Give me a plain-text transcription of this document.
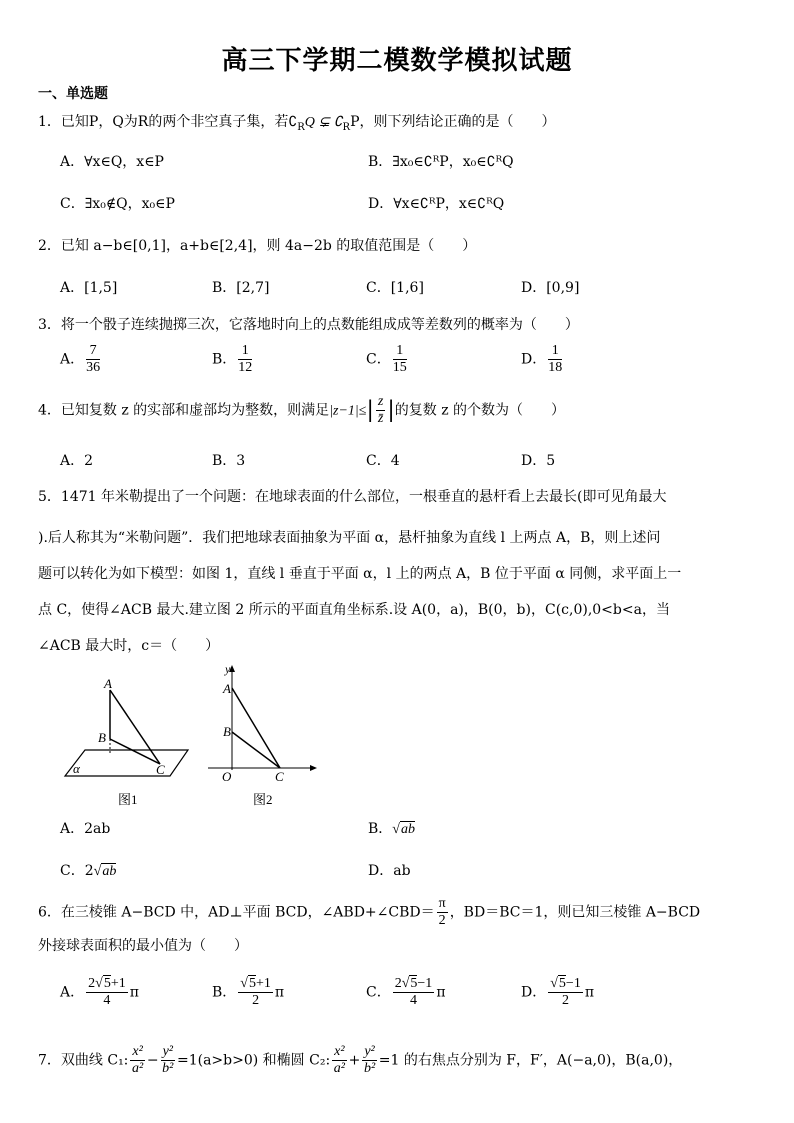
高三下学期二模数学模拟试题
一、单选题
1．已知P，Q为R的两个非空真子集，若$∁_RQ$ ⊊ $∁_RP$，则下列结论正确的是（　　）
A．∀x∈Q，x∈P	B．∃x₀∈∁ᴿP，x₀∈∁ᴿQ
C．∃x₀∉Q，x₀∈P	D．∀x∈∁ᴿP，x∈∁ᴿQ
2．已知 a−b∈[0,1]，a+b∈[2,4]，则 4a−2b 的取值范围是（　　）
A．[1,5]	B．[2,7]	C．[1,6]	D．[0,9]
3．将一个骰子连续抛掷三次，它落地时向上的点数能组成成等差数列的概率为（　　）
A． $\frac{7}{36}$	B． $\frac{1}{12}$	C． $\frac{1}{15}$	D． $\frac{1}{18}$
4．已知复数 z 的实部和虚部均为整数，则满足$|z-1|\le| \frac{z}{z̄}$ |的复数 z 的个数为（　　）
A．2	B．3	C．4	D．5
5．1471 年米勒提出了一个问题：在地球表面的什么部位，一根垂直的悬杆看上去最长(即可见角最大
).后人称其为“米勒问题”．我们把地球表面抽象为平面 α，悬杆抽象为直线 l 上两点 A，B，则上述问
题可以转化为如下模型：如图 1，直线 l 垂直于平面 α，l 上的两点 A，B 位于平面 α 同侧，求平面上一
点 C，使得∠ACB 最大.建立图 2 所示的平面直角坐标系.设 A(0，a)，B(0，b)，C(c,0),0<b<a，当
∠ACB 最大时，c＝（　　）
A
B
C
α
图1
y
A
B
O	C
图2
A．2ab	B．√ab
C．2√ab	D．ab
6．在三棱锥 A−BCD 中，AD⊥平面 BCD，∠ABD+∠CBD＝ $\frac{\pi}{2}$ ，BD＝BC＝1，则已知三棱锥 A−BCD
外接球表面积的最小值为（　　）
A． $\frac{2√5+1}{4}$ π	B． $\frac{√5+1}{2}$ π	C． $\frac{2√5-1}{4}$ π	D． $\frac{√5-1}{2}$ π
7．双曲线 C₁: $\frac{\text{x²}}{\text{a²}} - \frac{\text{y²}}{\text{b²}} =1(a>b>0)$ 和椭圆 C₂: $\frac{\text{x²}}{\text{a²}} + \frac{\text{y²}}{\text{b²}} =1$ 的右焦点分别为 F，F′，A(−a,0)，B(a,0)，
